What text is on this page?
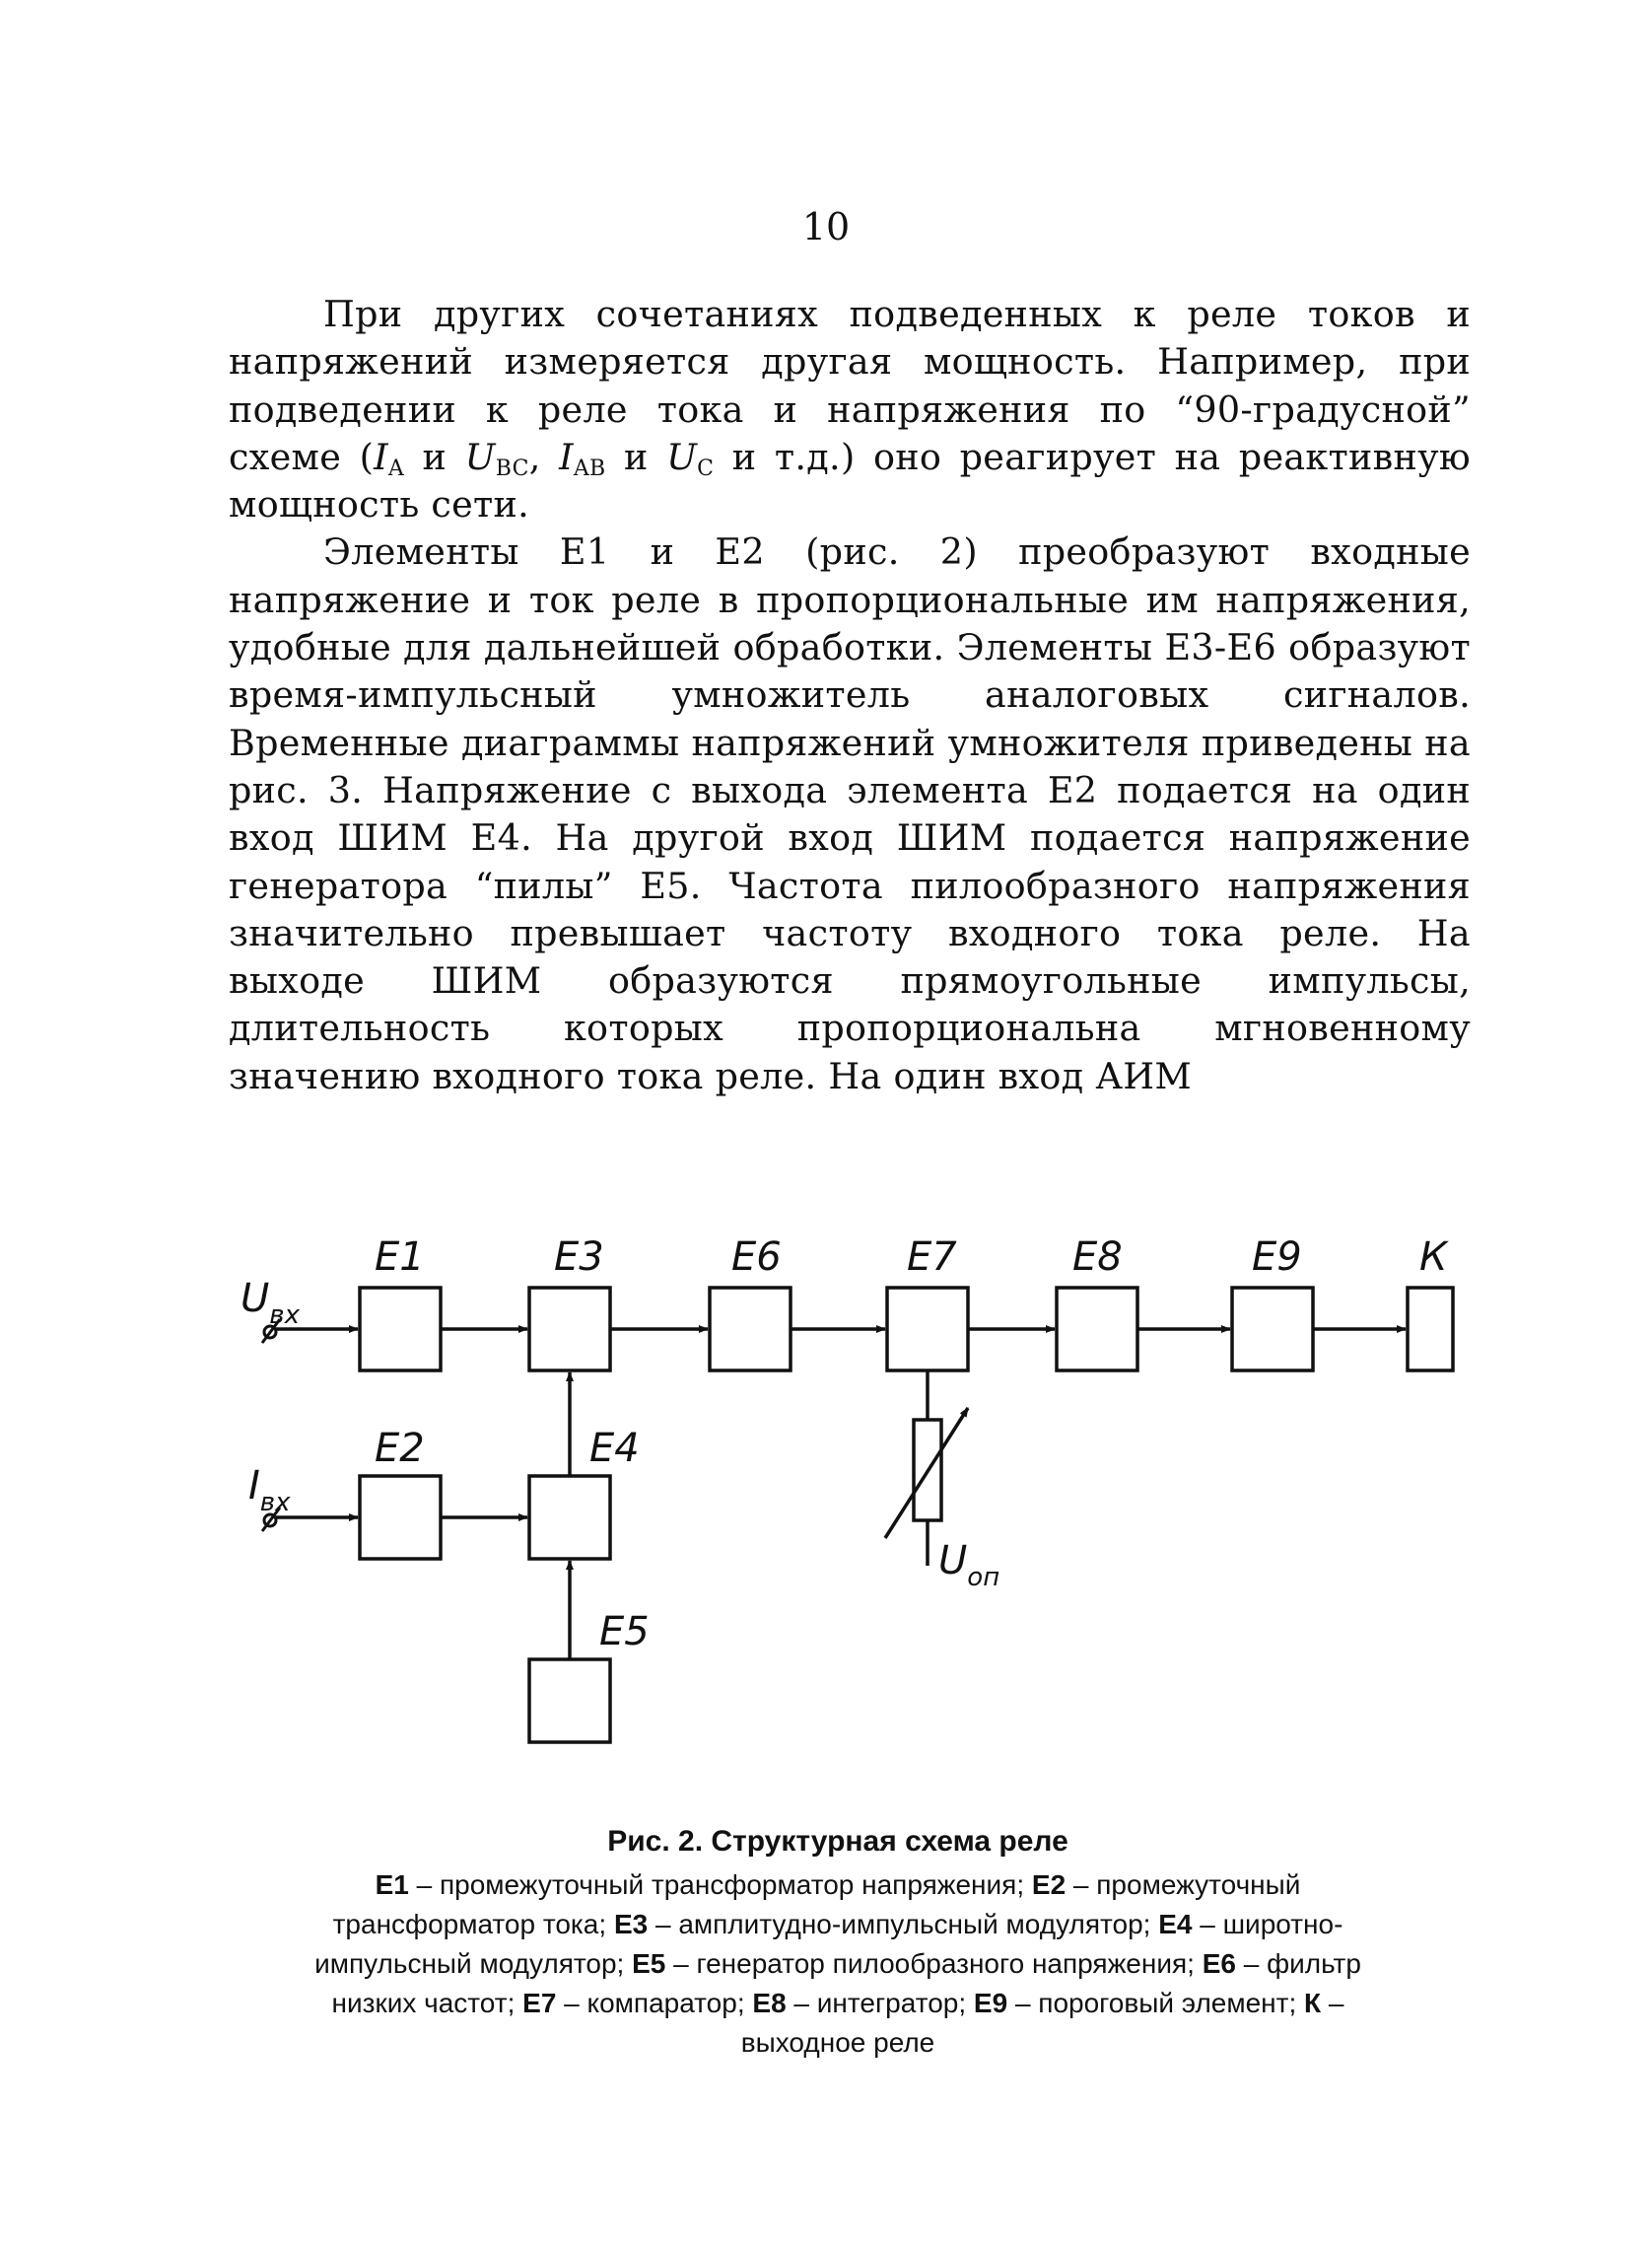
10

При других сочетаниях подведенных к реле токов и напряжений измеряется другая мощность. Например, при подведении к реле тока и напряжения по “90-градусной” схеме ($I_A$ и $U_{BC}$, $I_{AB}$ и $U_C$ и т.д.) оно реагирует на реактивную мощность сети.

Элементы Е1 и Е2 (рис. 2) преобразуют входные напряжение и ток реле в пропорциональные им напряжения, удобные для дальнейшей обработки. Элементы Е3-Е6 образуют время-импульсный умножитель аналоговых сигналов. Временные диаграммы напряжений умножителя приведены на рис. 3. Напряжение с выхода элемента Е2 подается на один вход ШИМ Е4. На другой вход ШИМ подается напряжение генератора “пилы” Е5. Частота пилообразного напряжения значительно превышает частоту входного тока реле. На выходе ШИМ образуются прямоугольные импульсы, длительность которых пропорциональна мгновенному значению входного тока реле. На один вход АИМ

Е1	Е3	Е6	Е7	Е8	Е9	К
Е2	Е4
Е5
$U_{вх}$
$I_{вх}$
$U_{оп}$
Рис. 2. Структурная схема реле
Е1 – промежуточный трансформатор напряжения; Е2 – промежуточный трансформатор тока; Е3 – амплитудно-импульсный модулятор; Е4 – широтно-импульсный модулятор; Е5 – генератор пилообразного напряжения; Е6 – фильтр низких частот; Е7 – компаратор; Е8 – интегратор; Е9 – пороговый элемент; К – выходное реле
